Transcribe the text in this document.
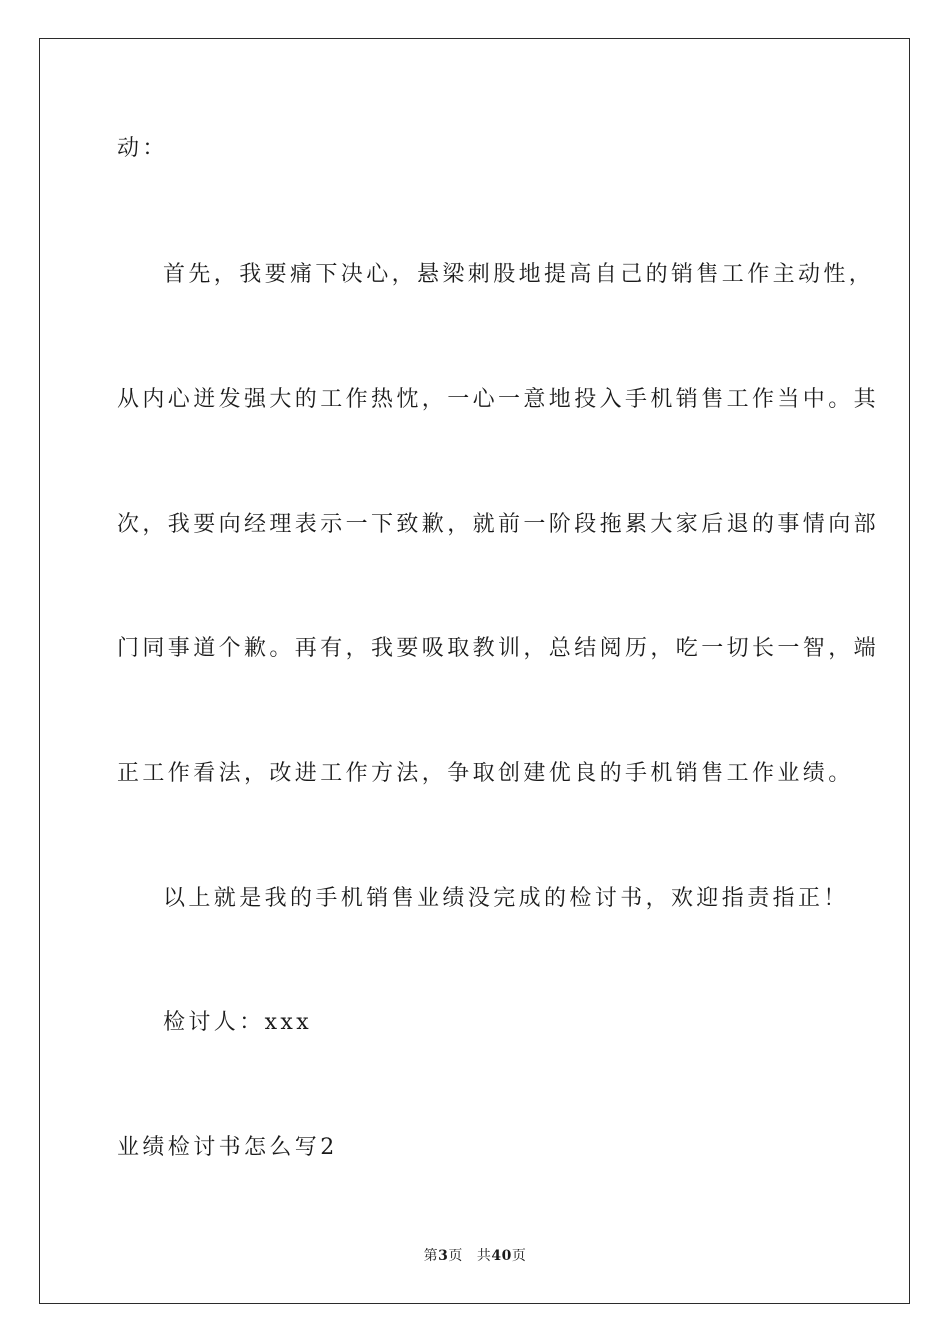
动：
首先，我要痛下决心，悬梁刺股地提高自己的销售工作主动性，
从内心迸发强大的工作热忱，一心一意地投入手机销售工作当中。其
次，我要向经理表示一下致歉，就前一阶段拖累大家后退的事情向部
门同事道个歉。再有，我要吸取教训，总结阅历，吃一切长一智，端
正工作看法，改进工作方法，争取创建优良的手机销售工作业绩。
以上就是我的手机销售业绩没完成的检讨书，欢迎指责指正！
检讨人：xxx
业绩检讨书怎么写2
第3页 共40页
